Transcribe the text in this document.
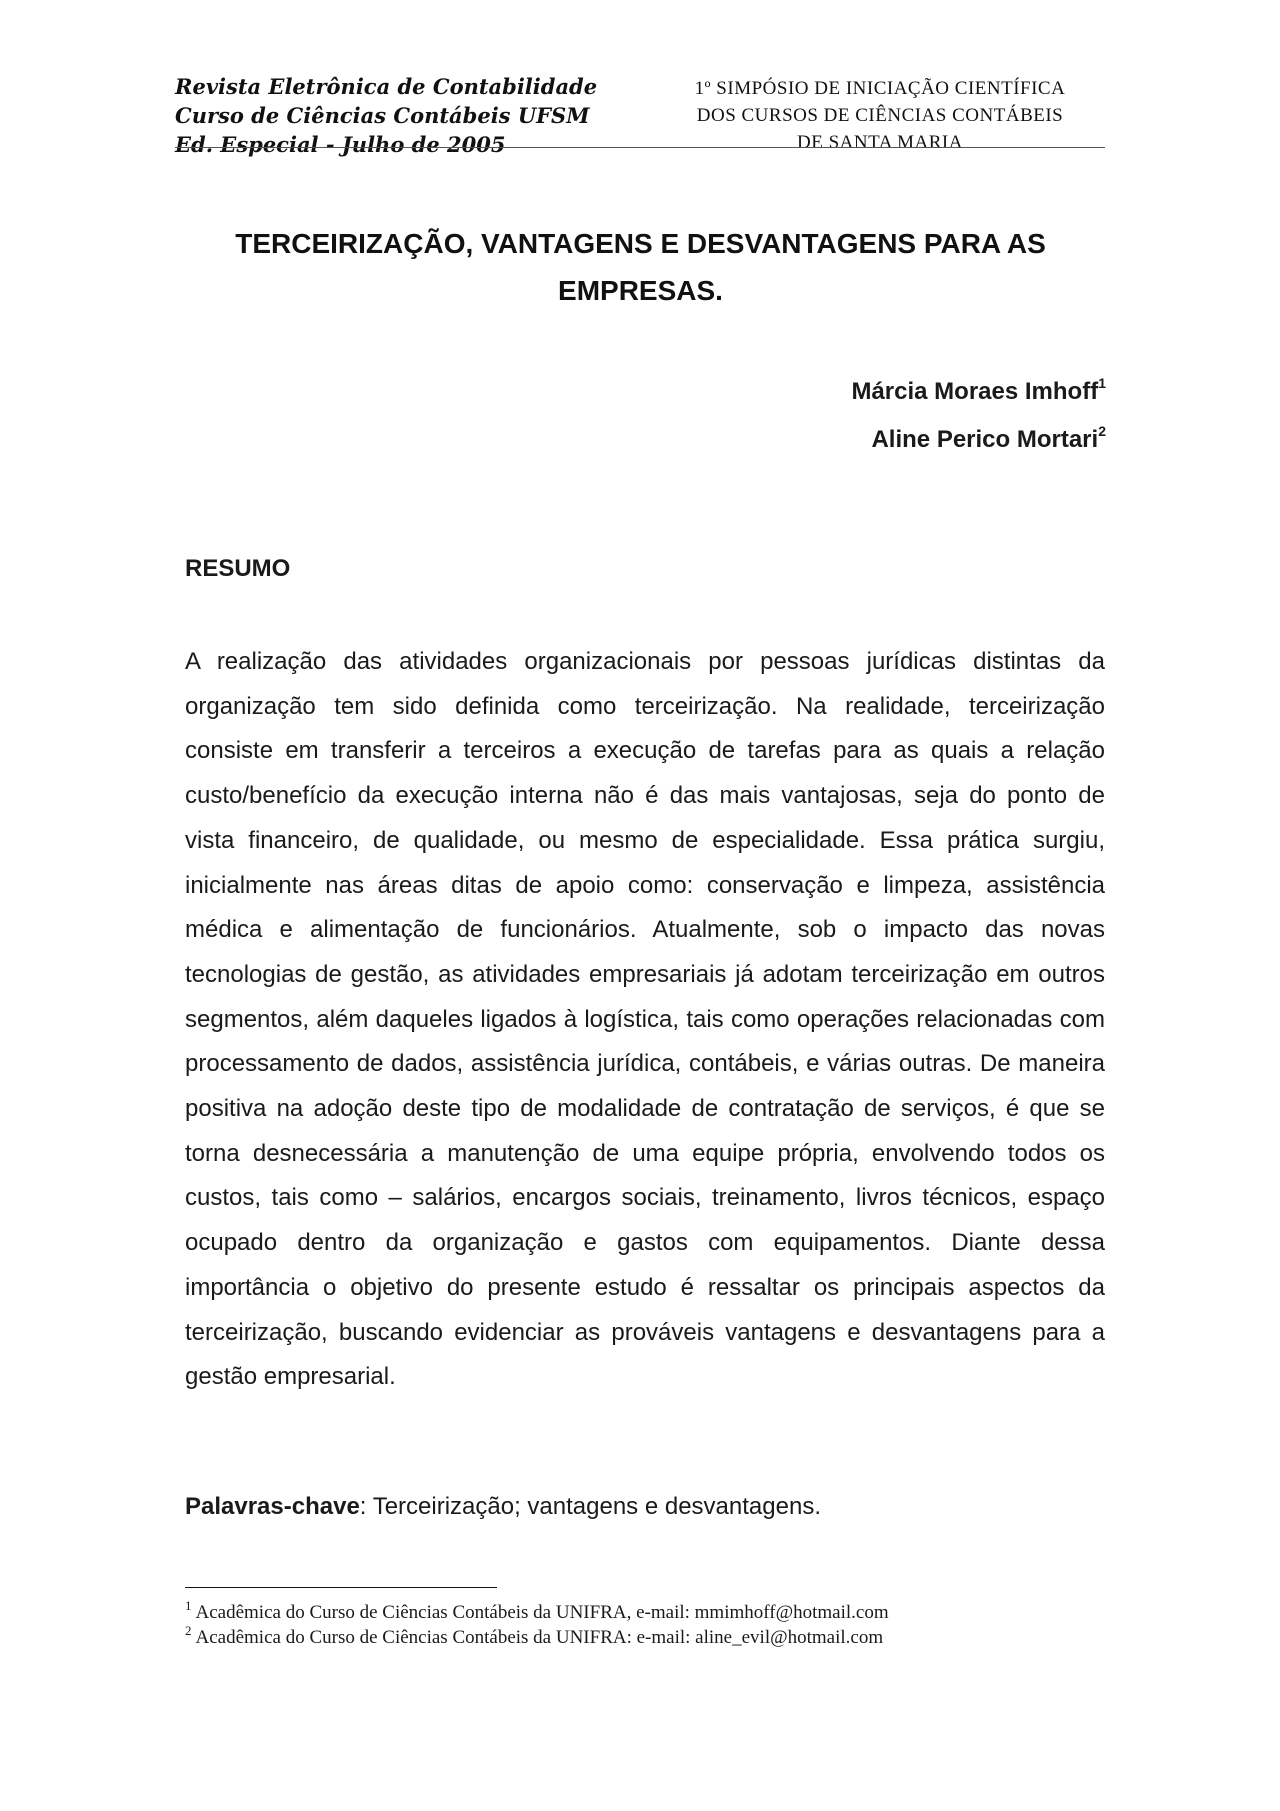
Revista Eletrônica de Contabilidade
Curso de Ciências Contábeis UFSM
Ed. Especial - Julho de 2005
1º SIMPÓSIO DE INICIAÇÃO CIENTÍFICA
DOS CURSOS DE CIÊNCIAS CONTÁBEIS
DE SANTA MARIA
TERCEIRIZAÇÃO, VANTAGENS E DESVANTAGENS PARA AS EMPRESAS.
Márcia Moraes Imhoff$^1$
Aline Perico Mortari$^2$
RESUMO

A realização das atividades organizacionais por pessoas jurídicas distintas da organização tem sido definida como terceirização. Na realidade, terceirização consiste em transferir a terceiros a execução de tarefas para as quais a relação custo/benefício da execução interna não é das mais vantajosas, seja do ponto de vista financeiro, de qualidade, ou mesmo de especialidade. Essa prática surgiu, inicialmente nas áreas ditas de apoio como: conservação e limpeza, assistência médica e alimentação de funcionários. Atualmente, sob o impacto das novas tecnologias de gestão, as atividades empresariais já adotam terceirização em outros segmentos, além daqueles ligados à logística, tais como operações relacionadas com processamento de dados, assistência jurídica, contábeis, e várias outras. De maneira positiva na adoção deste tipo de modalidade de contratação de serviços, é que se torna desnecessária a manutenção de uma equipe própria, envolvendo todos os custos, tais como – salários, encargos sociais, treinamento, livros técnicos, espaço ocupado dentro da organização e gastos com equipamentos. Diante dessa importância o objetivo do presente estudo é ressaltar os principais aspectos da terceirização, buscando evidenciar as prováveis vantagens e desvantagens para a gestão empresarial.

Palavras-chave: Terceirização; vantagens e desvantagens.
$^1$ Acadêmica do Curso de Ciências Contábeis da UNIFRA, e-mail: mmimhoff@hotmail.com
$^2$ Acadêmica do Curso de Ciências Contábeis da UNIFRA: e-mail: aline_evil@hotmail.com
